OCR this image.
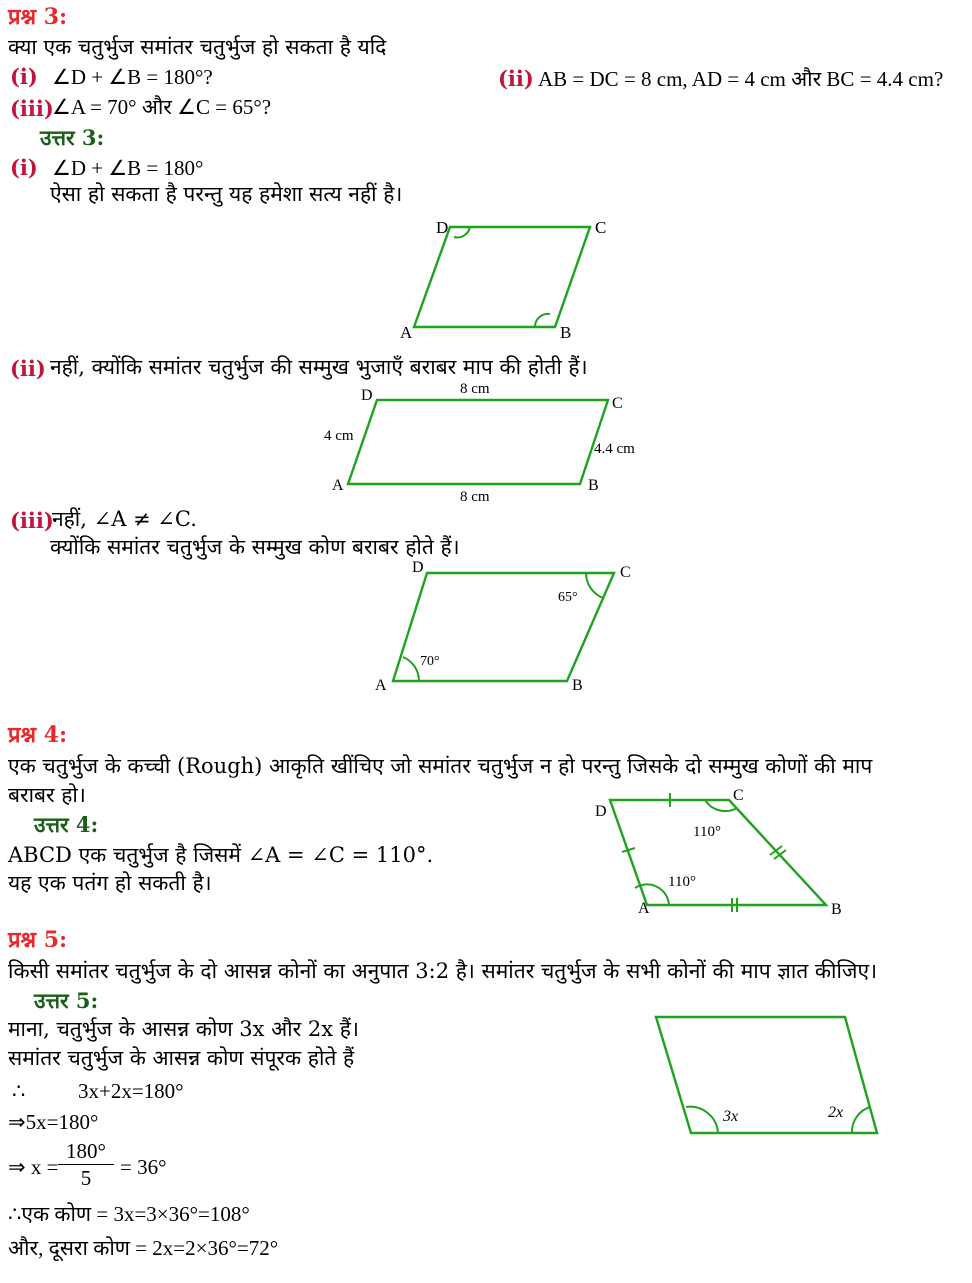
प्रश्न 3:
क्या एक चतुर्भुज समांतर चतुर्भुज हो सकता है यदि
(i) ∠D + ∠B = 180°?	(ii) AB = DC = 8 cm, AD = 4 cm और BC = 4.4 cm?
(iii)
∠A = 70° और ∠C = 65°?
उत्तर 3:
(i) ∠D + ∠B = 180°
ऐसा हो सकता है परन्तु यह हमेशा सत्य नहीं है।
D	C
A	B
(ii) नहीं, क्योंकि समांतर चतुर्भुज की सम्मुख भुजाएँ बराबर माप की होती हैं।
D	C
A	B
8 cm
8 cm
4 cm
4.4 cm
(iii)
नहीं, ∠A ≠ ∠C.
क्योंकि समांतर चतुर्भुज के सम्मुख कोण बराबर होते हैं।
D	C
A	B
65°
70°
प्रश्न 4:
एक चतुर्भुज के कच्ची (Rough) आकृति खींचिए जो समांतर चतुर्भुज न हो परन्तु जिसके दो सम्मुख कोणों की माप
बराबर हो।
उत्तर 4:
ABCD एक चतुर्भुज है जिसमें ∠A = ∠C = 110°.
यह एक पतंग हो सकती है।
D
C
A	B
110°
110°
प्रश्न 5:
किसी समांतर चतुर्भुज के दो आसन्न कोनों का अनुपात 3:2 है। समांतर चतुर्भुज के सभी कोनों की माप ज्ञात कीजिए।
उत्तर 5:
माना, चतुर्भुज के आसन्न कोण 3x और 2x हैं।
समांतर चतुर्भुज के आसन्न कोण संपूरक होते हैं
∴	3x+2x=180°
⇒5x=180°
⇒ x =
180°
5	= 36°
∴एक कोण = 3x=3×36°=108°
और, दूसरा कोण = 2x=2×36°=72°
3x	2x
